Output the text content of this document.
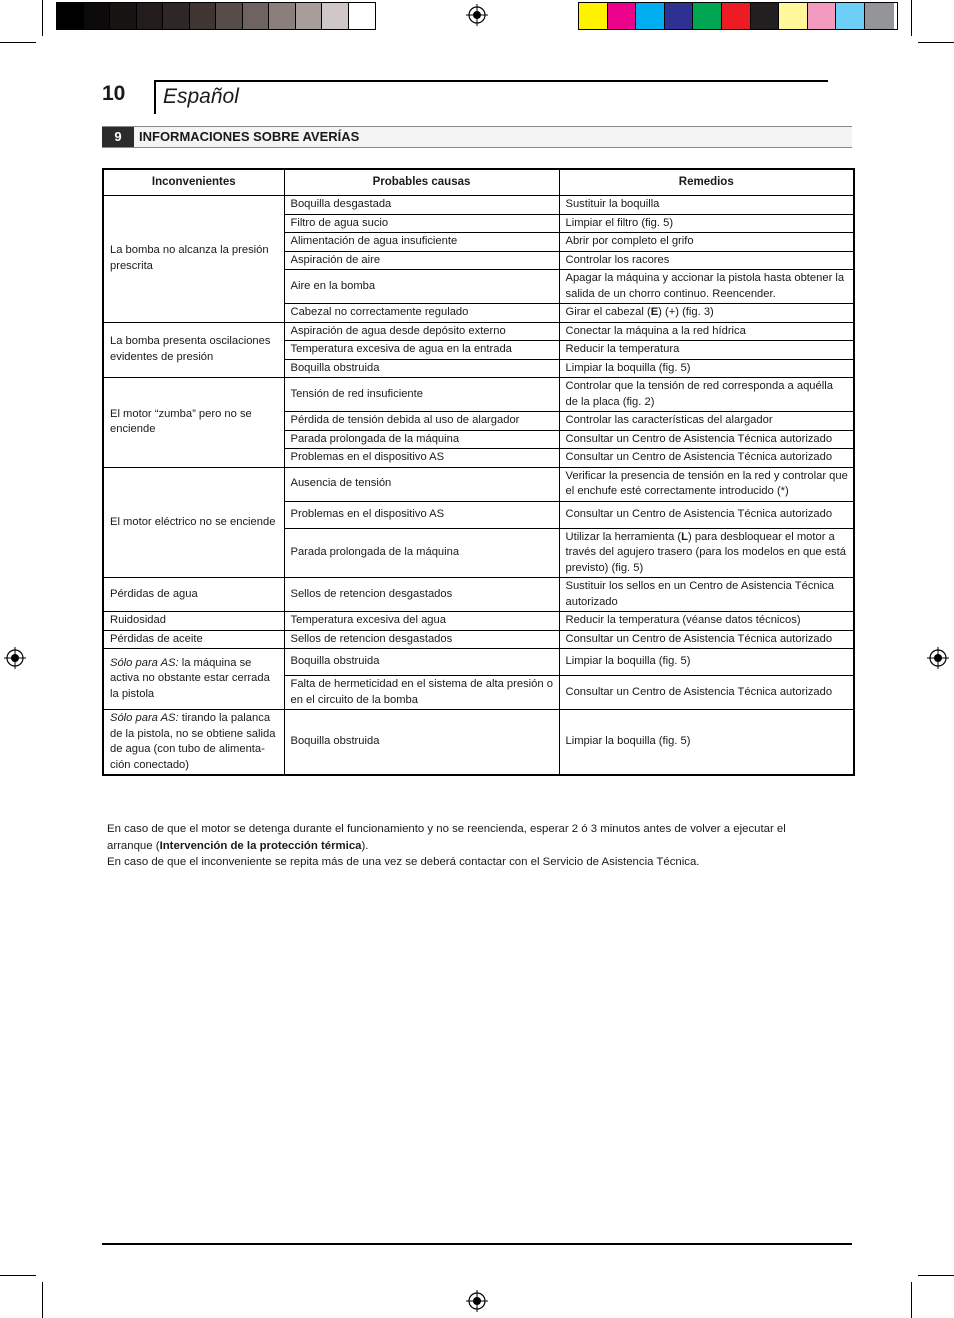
10	Español
9	INFORMACIONES SOBRE AVERÍAS
Inconvenientes	Probables causas	Remedios
La bomba no alcanza la presión prescrita	Boquilla desgastada	Sustituir la boquilla
	Filtro de agua sucio	Limpiar el filtro (fig. 5)
	Alimentación de agua insuficiente	Abrir por completo el grifo
	Aspiración de aire	Controlar los racores
	Aire en la bomba	Apagar la máquina y accionar la pistola hasta obtener la salida de un chorro continuo. Reencender.
	Cabezal no correctamente regulado	Girar el cabezal (E) (+) (fig. 3)
La bomba presenta oscilaciones evidentes de presión	Aspiración de agua desde depósito externo	Conectar la máquina a la red hídrica
	Temperatura excesiva de agua en la entrada	Reducir la temperatura
	Boquilla obstruida	Limpiar la boquilla (fig. 5)
El motor “zumba” pero no se enciende	Tensión de red insuficiente	Controlar que la tensión de red corresponda a aquélla de la placa (fig. 2)
	Pérdida de tensión debida al uso de alargador	Controlar las características del alargador
	Parada prolongada de la máquina	Consultar un Centro de Asistencia Técnica autorizado
	Problemas en el dispositivo AS	Consultar un Centro de Asistencia Técnica autorizado
El motor eléctrico no se enciende	Ausencia de tensión	Verificar la presencia de tensión en la red y controlar que el enchufe esté correctamente introducido (*)
	Problemas en el dispositivo AS	Consultar un Centro de Asistencia Técnica autorizado
	Parada prolongada de la máquina	Utilizar la herramienta (L) para desbloquear el motor a través del agujero trasero (para los modelos en que está previsto) (fig. 5)
Pérdidas de agua	Sellos de retencion desgastados	Sustituir los sellos en un Centro de Asistencia Técnica autorizado
Ruidosidad	Temperatura excesiva del agua	Reducir la temperatura (véanse datos técnicos)
Pérdidas de aceite	Sellos de retencion desgastados	Consultar un Centro de Asistencia Técnica autorizado
Sólo para AS: la máquina se activa no obstante estar cerrada la pistola	Boquilla obstruida	Limpiar la boquilla (fig. 5)
	Falta de hermeticidad en el sistema de alta presión o en el circuito de la bomba	Consultar un Centro de Asistencia Técnica autorizado
Sólo para AS: tirando la palanca de la pistola, no se obtiene salida de agua (con tubo de alimenta-ción conectado)	Boquilla obstruida	Limpiar la boquilla (fig. 5)
En caso de que el motor se detenga durante el funcionamiento y no se reencienda, esperar 2 ó 3 minutos antes de volver a ejecutar el arranque (Intervención de la protección térmica).
En caso de que el inconveniente se repita más de una vez se deberá contactar con el Servicio de Asistencia Técnica.
